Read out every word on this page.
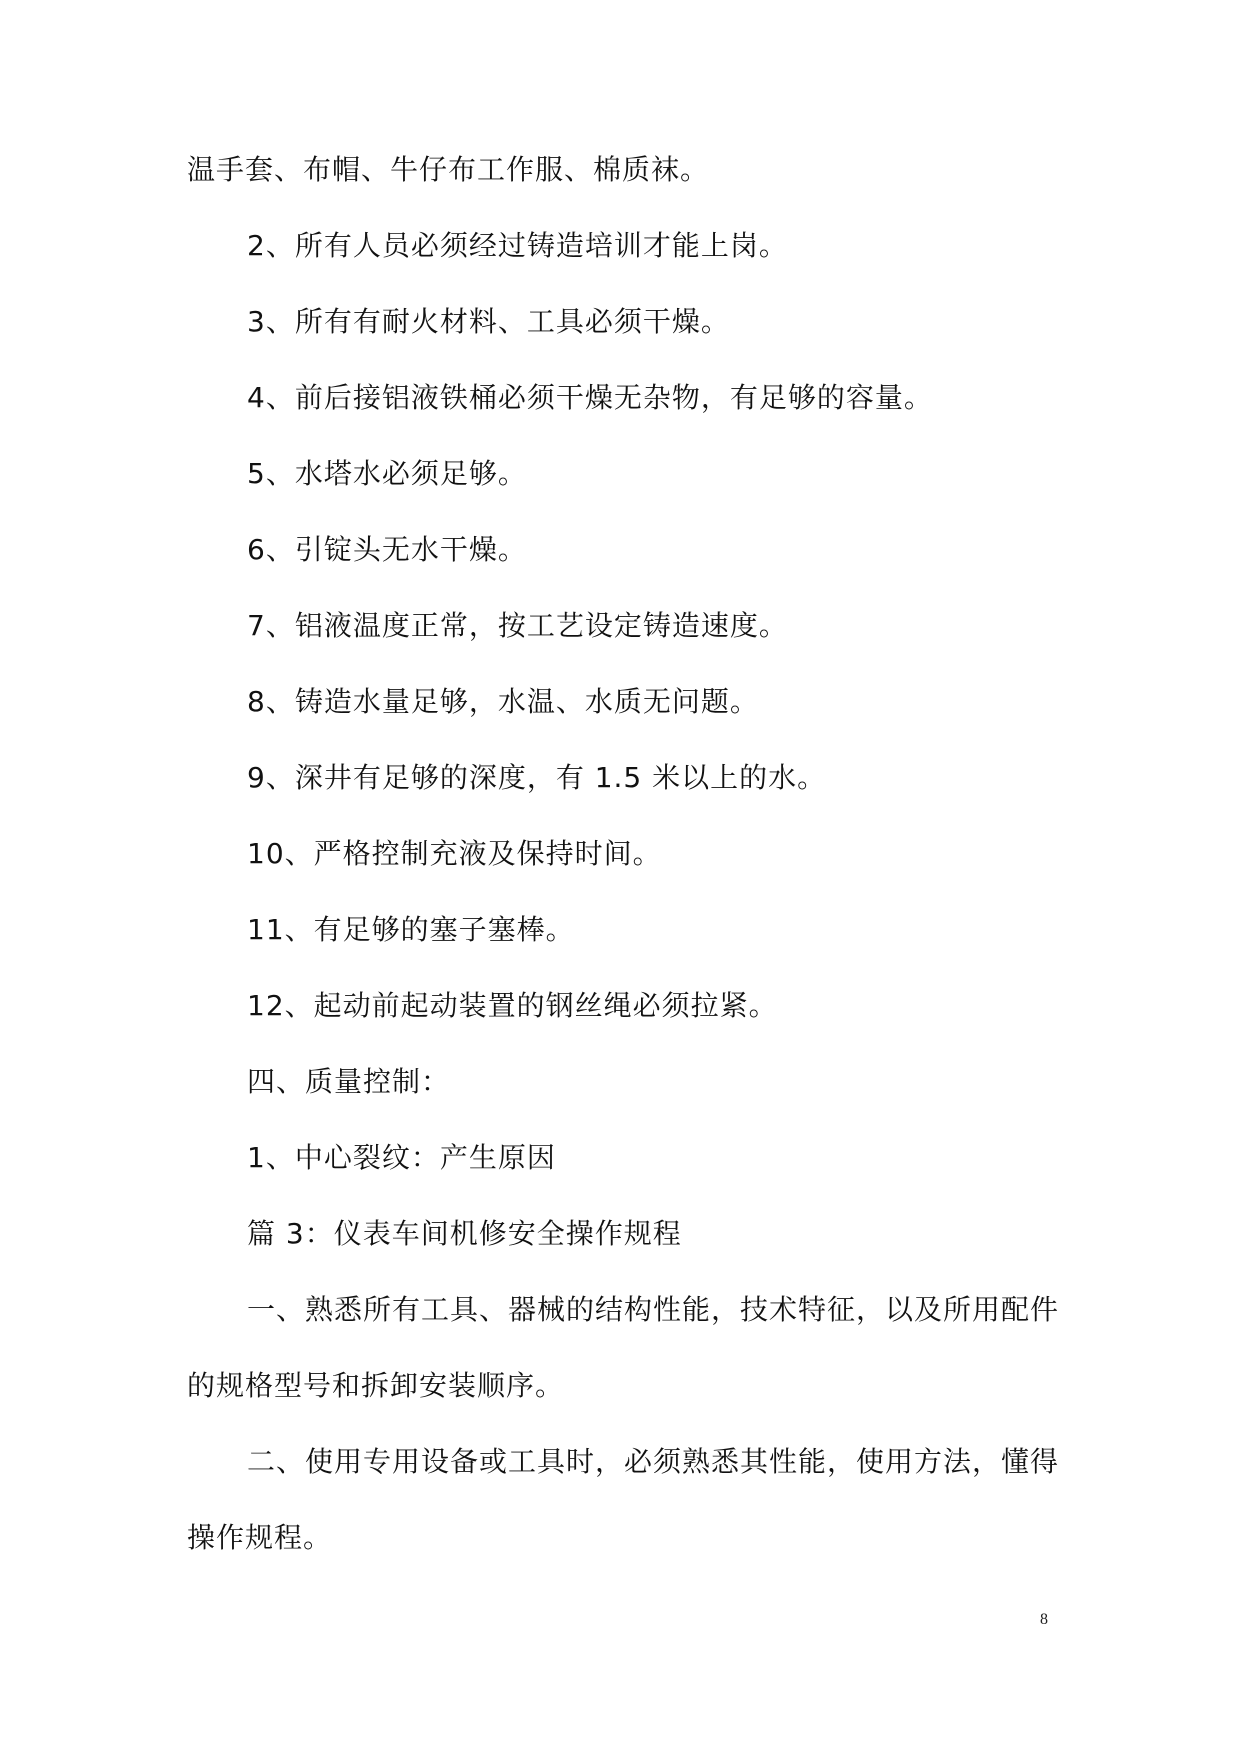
温手套、布帽、牛仔布工作服、棉质袜。
2、所有人员必须经过铸造培训才能上岗。
3、所有有耐火材料、工具必须干燥。
4、前后接铝液铁桶必须干燥无杂物，有足够的容量。
5、水塔水必须足够。
6、引锭头无水干燥。
7、铝液温度正常，按工艺设定铸造速度。
8、铸造水量足够，水温、水质无问题。
9、深井有足够的深度，有 1.5 米以上的水。
10、严格控制充液及保持时间。
11、有足够的塞子塞棒。
12、起动前起动装置的钢丝绳必须拉紧。
四、质量控制：
1、中心裂纹：产生原因
篇 3：仪表车间机修安全操作规程
一、熟悉所有工具、器械的结构性能，技术特征，以及所用配件
的规格型号和拆卸安装顺序。
二、使用专用设备或工具时，必须熟悉其性能，使用方法，懂得
操作规程。
8
